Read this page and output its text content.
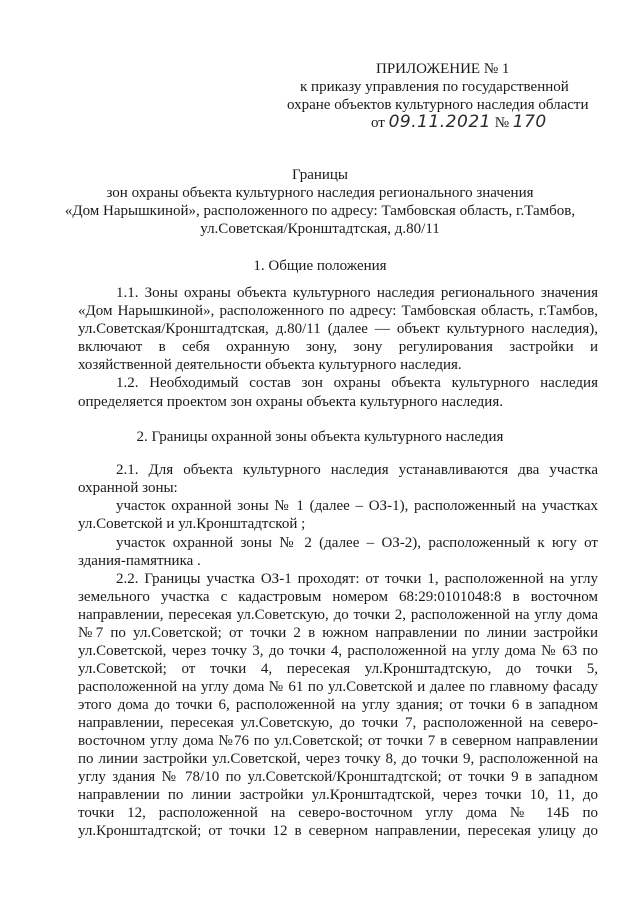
ПРИЛОЖЕНИЕ № 1
к приказу управления по государственной
охране объектов культурного наследия области
от 09.11.2021 № 170
Границы
зон охраны объекта культурного наследия регионального значения
«Дом Нарышкиной», расположенного по адресу: Тамбовская область, г.Тамбов,
ул.Советская/Кронштадтская, д.80/11
1. Общие положения
1.1. Зоны охраны объекта культурного наследия регионального значения
«Дом Нарышкиной», расположенного по адресу: Тамбовская область, г.Тамбов,
ул.Советская/Кронштадтская, д.80/11 (далее — объект культурного наследия),
включают в себя охранную зону, зону регулирования застройки и
хозяйственной деятельности объекта культурного наследия.
1.2. Необходимый состав зон охраны объекта культурного наследия
определяется проектом зон охраны объекта культурного наследия.
2. Границы охранной зоны объекта культурного наследия
2.1. Для объекта культурного наследия устанавливаются два участка
охранной зоны:
участок охранной зоны № 1 (далее – ОЗ-1), расположенный на участках
ул.Советской и ул.Кронштадтской ;
участок охранной зоны № 2 (далее – ОЗ-2), расположенный к югу от
здания-памятника .
2.2. Границы участка ОЗ-1 проходят: от точки 1, расположенной на углу
земельного участка с кадастровым номером 68:29:0101048:8 в восточном
направлении, пересекая ул.Советскую, до точки 2, расположенной на углу дома
№7 по ул.Советской; от точки 2 в южном направлении по линии застройки
ул.Советской, через точку 3, до точки 4, расположенной на углу дома № 63 по
ул.Советской; от точки 4, пересекая ул.Кронштадтскую, до точки 5,
расположенной на углу дома № 61 по ул.Советской и далее по главному фасаду
этого дома до точки 6, расположенной на углу здания; от точки 6 в западном
направлении, пересекая ул.Советскую, до точки 7, расположенной на северо-
восточном углу дома №76 по ул.Советской; от точки 7 в северном направлении
по линии застройки ул.Советской, через точку 8, до точки 9, расположенной на
углу здания № 78/10 по ул.Советской/Кронштадтской; от точки 9 в западном
направлении по линии застройки ул.Кронштадтской, через точки 10, 11, до
точки 12, расположенной на северо-восточном углу дома № 14Б по
ул.Кронштадтской; от точки 12 в северном направлении, пересекая улицу до
